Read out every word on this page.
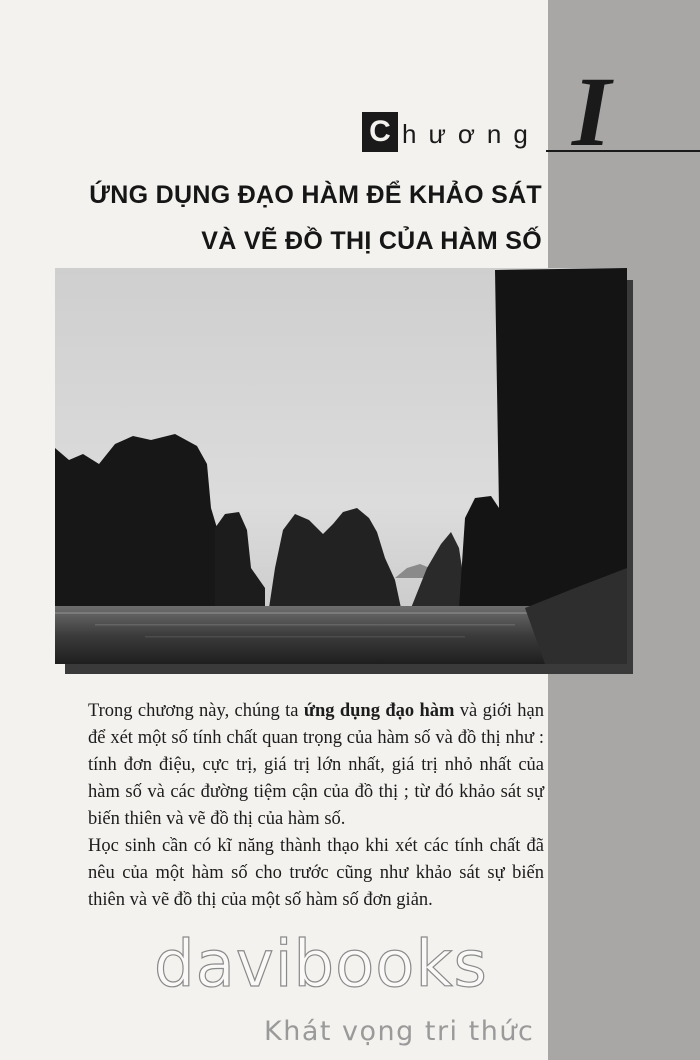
C hương I
ỨNG DỤNG ĐẠO HÀM ĐỂ KHẢO SÁT
VÀ VẼ ĐỒ THỊ CỦA HÀM SỐ

Trong chương này, chúng ta ứng dụng đạo hàm và giới hạn để xét một số tính chất quan trọng của hàm số và đồ thị như : tính đơn điệu, cực trị, giá trị lớn nhất, giá trị nhỏ nhất của hàm số và các đường tiệm cận của đồ thị ; từ đó khảo sát sự biến thiên và vẽ đồ thị của hàm số.

Học sinh cần có kĩ năng thành thạo khi xét các tính chất đã nêu của một hàm số cho trước cũng như khảo sát sự biến thiên và vẽ đồ thị của một số hàm số đơn giản.

davibooks
Khát vọng tri thức
